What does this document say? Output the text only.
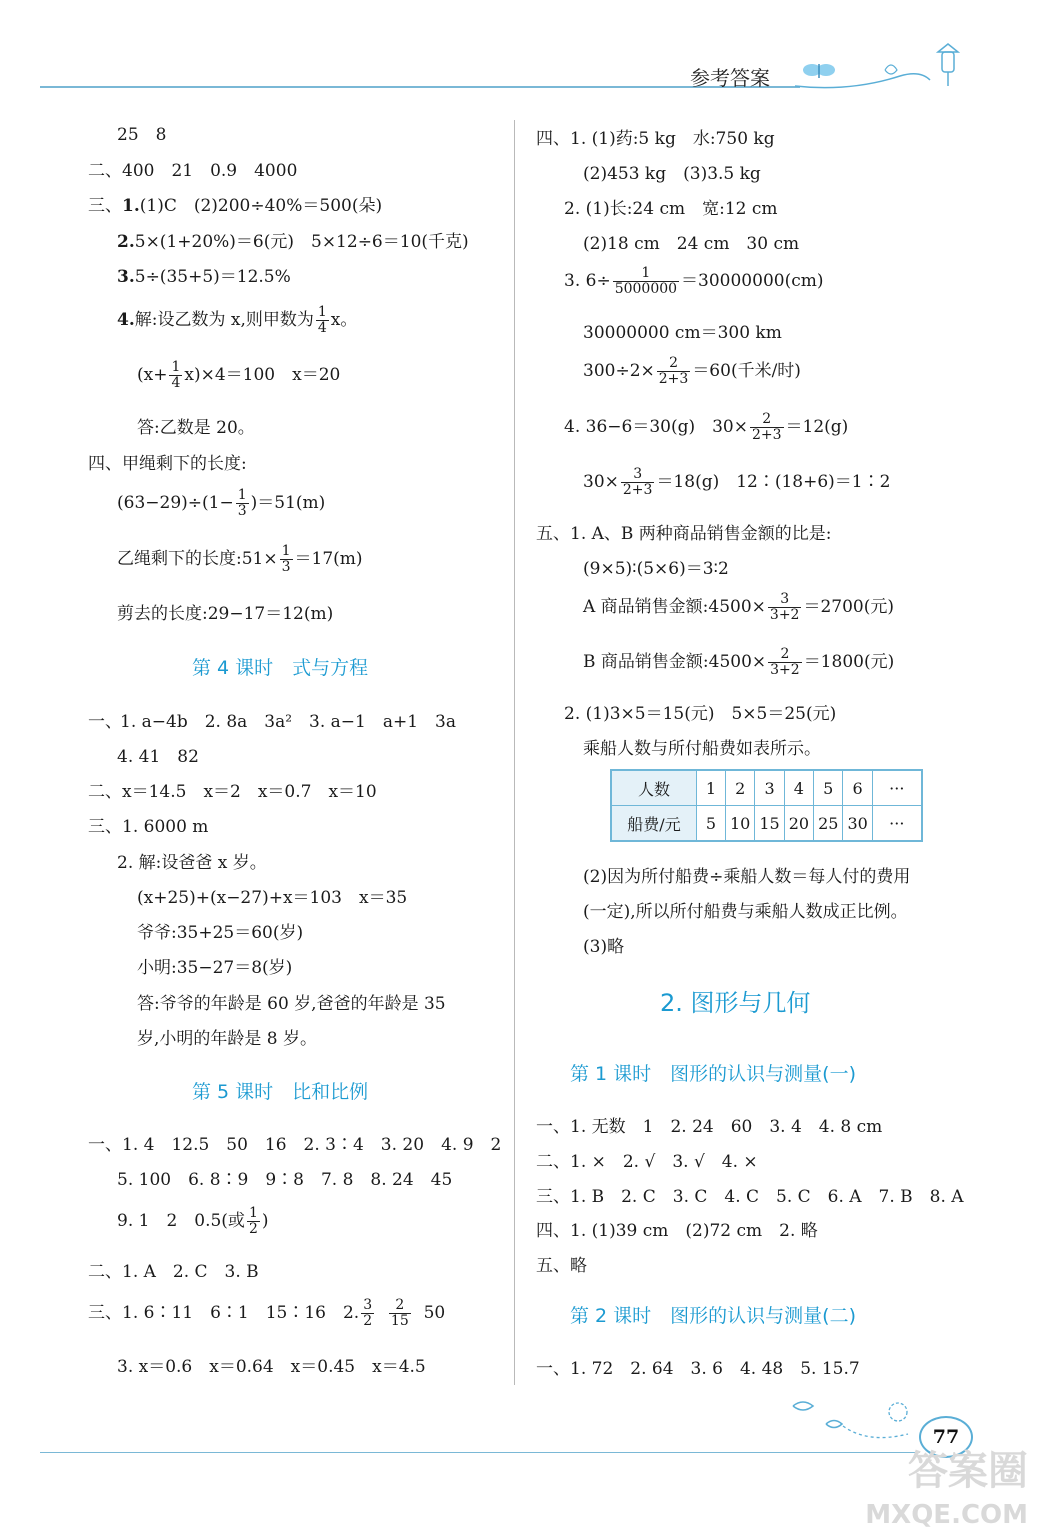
参考答案
25　8
二、400　21　0.9　4000
三、1.(1)C　(2)200÷40%＝500(朵)
2.5×(1+20%)＝6(元)　5×12÷6＝10(千克)
3.5÷(35+5)＝12.5%
4.解:设乙数为 x,则甲数为 $\frac{1}{4}$ x。
$(x+ \frac{1}{4} x)\times 4=100$　x＝20
答:乙数是 20。
四、甲绳剩下的长度:
$(63-29)\div(1- \frac{1}{3} )=51(m)$
乙绳剩下的长度:51× $\frac{1}{3} =17(m)$
剪去的长度:29−17＝12(m)
第 4 课时　式与方程
一、
1. a−4b　2. 8a　3a²　3. a−1　a+1　3a
4. 41　82
二、x＝14.5　x＝2　x＝0.7　x＝10
三、1. 6000 m
2. 解:设爸爸 x 岁。
(x+25)+(x−27)+x＝103　x＝35
爷爷:35+25＝60(岁)
小明:35−27＝8(岁)
答:爷爷的年龄是 60 岁,爸爸的年龄是 35
岁,小明的年龄是 8 岁。
第 5 课时　比和比例
一、1. 4　12.5　50　16　2. 3∶4　3. 20　4. 9　2
5. 100　6. 8∶9　9∶8　7. 8　8. 24　45
9. 1　2　0.5(或 $\frac{1}{2}$ )
二、1. A　2. C　3. B
三、1. 6∶11　6∶1　15∶16　2. $\frac{3}{2}$
$\frac{2}{15} 50$
3. x＝0.6　x＝0.64　x＝0.45　x＝4.5
四、1. (1)药:5 kg　水:750 kg
(2)453 kg　(3)3.5 kg
2. (1)长:24 cm　宽:12 cm
(2)18 cm　24 cm　30 cm
3. $6\div \frac{1}{5000000} =30000000(cm)$
30000000 cm＝300 km
$300\div 2\times \frac{2}{2+3} =60$(千米/时)
4. 36−6＝30(g)　$30\times \frac{2}{2+3} =12(g)$
$30\times \frac{3}{2+3} =18(g)$　12∶(18+6)＝1∶2
五、1. A、B 两种商品销售金额的比是:
(9×5)∶(5×6)＝3∶2
A 商品销售金额:4500× $\frac{3}{3+2} =2700$(元)
B 商品销售金额:4500× $\frac{2}{3+2} =1800$(元)
2. (1)3×5＝15(元)　5×5＝25(元)
乘船人数与所付船费如表所示。
人数	1	2	3	4	5	6	···
船费/元	5	10	15	20	25	30	···
(2)因为所付船费÷乘船人数＝每人付的费用
(一定),所以所付船费与乘船人数成正比例。
(3)略
2. 图形与几何
第 1 课时　图形的认识与测量(一)
一、1. 无数　1　2. 24　60　3. 4　4. 8 cm
二、1. ×　2. √　3. √　4. ×
三、1. B　2. C　3. C　4. C　5. C　6. A　7. B　8. A
四、1. (1)39 cm　(2)72 cm　2. 略
五、略
第 2 课时　图形的认识与测量(二)
一、1. 72　2. 64　3. 6　4. 48　5. 15.7
77
答案圈
MXQE.COM
